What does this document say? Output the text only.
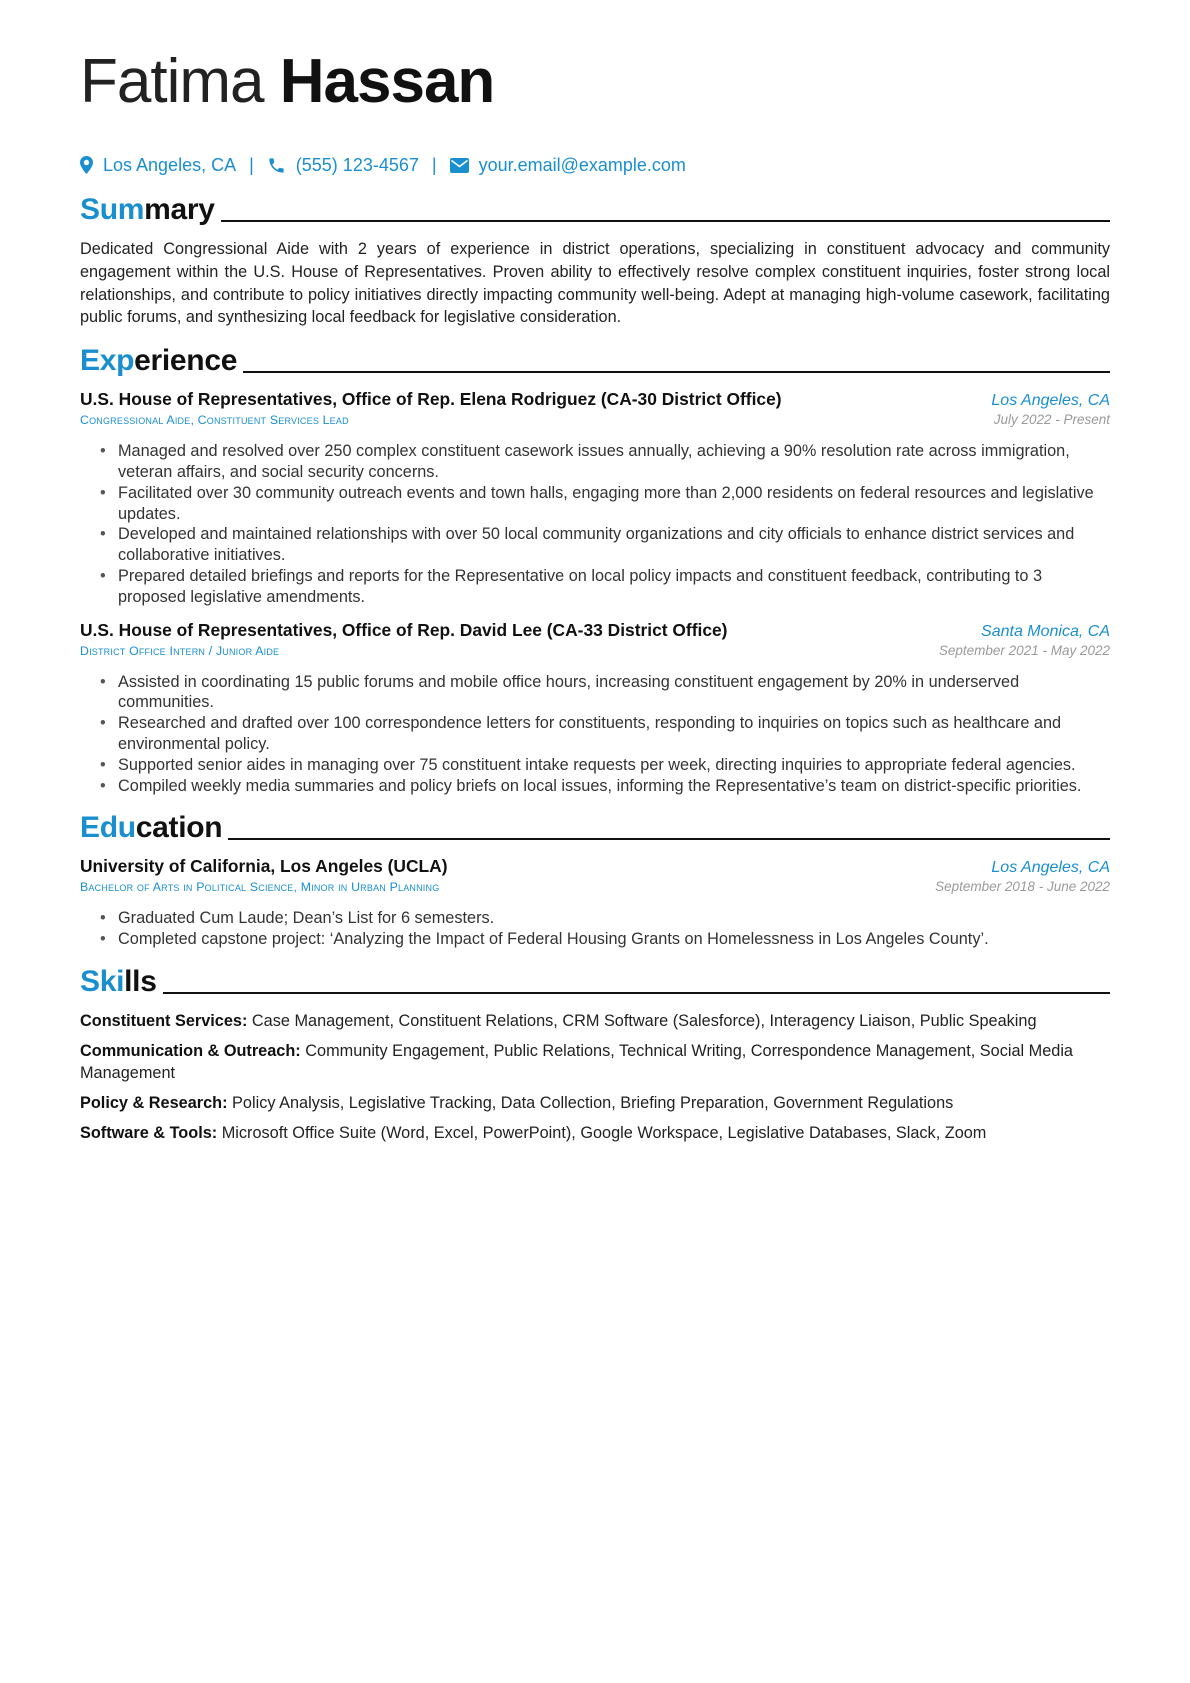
Fatima Hassan
Los Angeles, CA | (555) 123-4567 | your.email@example.com
Summary

Dedicated Congressional Aide with 2 years of experience in district operations, specializing in constituent advocacy and community engagement within the U.S. House of Representatives. Proven ability to effectively resolve complex constituent inquiries, foster strong local relationships, and contribute to policy initiatives directly impacting community well-being. Adept at managing high-volume casework, facilitating public forums, and synthesizing local feedback for legislative consideration.

Experience
U.S. House of Representatives, Office of Rep. Elena Rodriguez (CA-30 District Office)	Los Angeles, CA
Congressional Aide, Constituent Services Lead	July 2022 - Present
• Managed and resolved over 250 complex constituent casework issues annually, achieving a 90% resolution rate across immigration, veteran affairs, and social security concerns.
• Facilitated over 30 community outreach events and town halls, engaging more than 2,000 residents on federal resources and legislative updates.
• Developed and maintained relationships with over 50 local community organizations and city officials to enhance district services and collaborative initiatives.
• Prepared detailed briefings and reports for the Representative on local policy impacts and constituent feedback, contributing to 3 proposed legislative amendments.
U.S. House of Representatives, Office of Rep. David Lee (CA-33 District Office)	Santa Monica, CA
District Office Intern / Junior Aide	September 2021 - May 2022
• Assisted in coordinating 15 public forums and mobile office hours, increasing constituent engagement by 20% in underserved communities.
• Researched and drafted over 100 correspondence letters for constituents, responding to inquiries on topics such as healthcare and environmental policy.
• Supported senior aides in managing over 75 constituent intake requests per week, directing inquiries to appropriate federal agencies.
• Compiled weekly media summaries and policy briefs on local issues, informing the Representative’s team on district-specific priorities.
Education
University of California, Los Angeles (UCLA)	Los Angeles, CA
Bachelor of Arts in Political Science, Minor in Urban Planning	September 2018 - June 2022
• Graduated Cum Laude; Dean’s List for 6 semesters.
• Completed capstone project: ‘Analyzing the Impact of Federal Housing Grants on Homelessness in Los Angeles County’.
Skills
Constituent Services: Case Management, Constituent Relations, CRM Software (Salesforce), Interagency Liaison, Public Speaking
Communication & Outreach: Community Engagement, Public Relations, Technical Writing, Correspondence Management, Social Media Management
Policy & Research: Policy Analysis, Legislative Tracking, Data Collection, Briefing Preparation, Government Regulations
Software & Tools: Microsoft Office Suite (Word, Excel, PowerPoint), Google Workspace, Legislative Databases, Slack, Zoom
